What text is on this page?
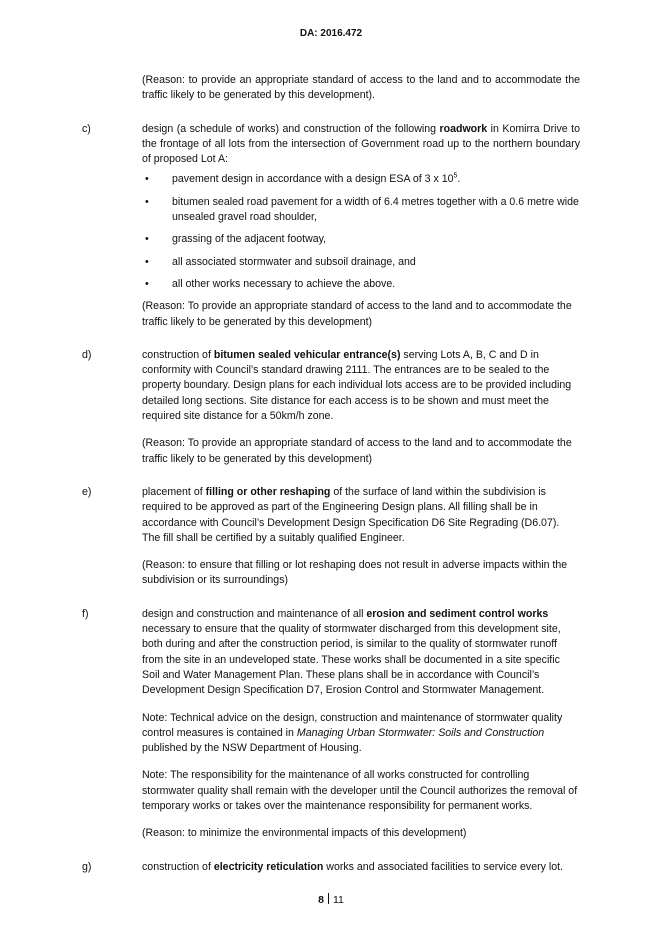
DA: 2016.472
(Reason: to provide an appropriate standard of access to the land and to accommodate the traffic likely to be generated by this development).
c)	design (a schedule of works) and construction of the following roadwork in Komirra Drive to the frontage of all lots from the intersection of Government road up to the northern boundary of proposed Lot A:
• pavement design in accordance with a design ESA of 3 x $10^5$.
• bitumen sealed road pavement for a width of 6.4 metres together with a 0.6 metre wide unsealed gravel road shoulder,
• grassing of the adjacent footway,
• all associated stormwater and subsoil drainage, and
• all other works necessary to achieve the above.
(Reason: To provide an appropriate standard of access to the land and to accommodate the traffic likely to be generated by this development)
d)	construction of bitumen sealed vehicular entrance(s) serving Lots A, B, C and D in conformity with Council’s standard drawing 2111. The entrances are to be sealed to the property boundary. Design plans for each individual lots access are to be provided including detailed long sections. Site distance for each access is to be shown and must meet the required site distance for a 50km/h zone.
(Reason: To provide an appropriate standard of access to the land and to accommodate the traffic likely to be generated by this development)
e)	placement of filling or other reshaping of the surface of land within the subdivision is required to be approved as part of the Engineering Design plans. All filling shall be in accordance with Council’s Development Design Specification D6 Site Regrading (D6.07). The fill shall be certified by a suitably qualified Engineer.
(Reason: to ensure that filling or lot reshaping does not result in adverse impacts within the subdivision or its surroundings)
f)	design and construction and maintenance of all erosion and sediment control works necessary to ensure that the quality of stormwater discharged from this development site, both during and after the construction period, is similar to the quality of stormwater runoff from the site in an undeveloped state. These works shall be documented in a site specific Soil and Water Management Plan. These plans shall be in accordance with Council’s Development Design Specification D7, Erosion Control and Stormwater Management.
Note: Technical advice on the design, construction and maintenance of stormwater quality control measures is contained in Managing Urban Stormwater: Soils and Construction published by the NSW Department of Housing.
Note: The responsibility for the maintenance of all works constructed for controlling stormwater quality shall remain with the developer until the Council authorizes the removal of temporary works or takes over the maintenance responsibility for permanent works.
(Reason: to minimize the environmental impacts of this development)
g)	construction of electricity reticulation works and associated facilities to service every lot.
8 11
